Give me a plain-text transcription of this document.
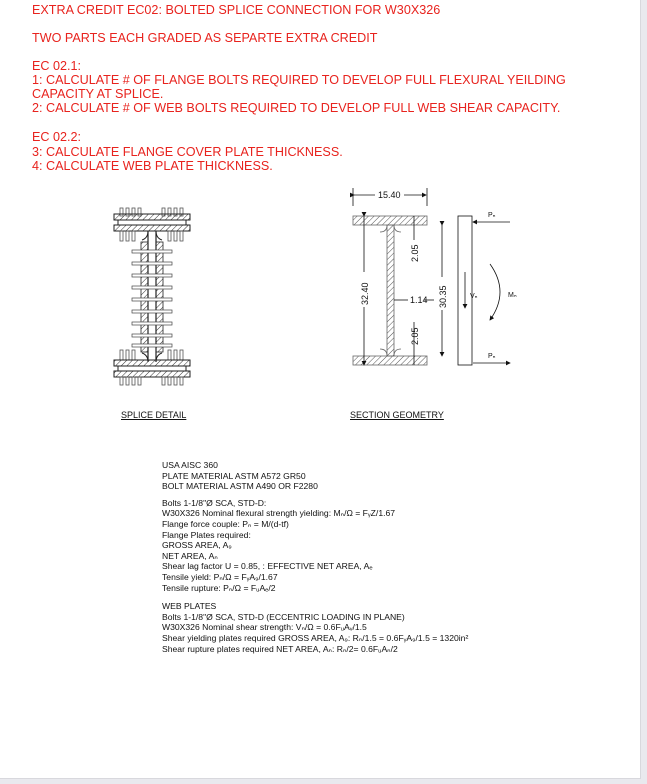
EXTRA CREDIT EC02: BOLTED SPLICE CONNECTION FOR W30X326
TWO PARTS EACH GRADED AS SEPARTE EXTRA CREDIT
EC 02.1:
1: CALCULATE # OF FLANGE BOLTS REQUIRED TO DEVELOP FULL FLEXURAL YEILDING
CAPACITY AT SPLICE.
2: CALCULATE # OF WEB BOLTS REQUIRED TO DEVELOP FULL WEB SHEAR CAPACITY.
EC 02.2:
3: CALCULATE FLANGE COVER PLATE THICKNESS.
4: CALCULATE WEB PLATE THICKNESS.
15.40
32.40
2.05
2.05
1.14 30.35
Pₙ
Pₙ
Vₙ	Mₙ
SPLICE DETAIL	SECTION GEOMETRY
USA AISC 360
PLATE MATERIAL ASTM A572 GR50
BOLT MATERIAL ASTM A490 OR F2280
Bolts 1-1/8"Ø SCA, STD-D:
W30X326 Nominal flexural strength yielding: Mₙ/Ω = FᵧZ/1.67
Flange force couple: Pₙ = M/(d-tf)
Flange Plates required:
GROSS AREA, A₉
NET AREA, Aₙ
Shear lag factor U = 0.85, : EFFECTIVE NET AREA, Aₑ
Tensile yield: Pₙ/Ω = FᵧA₉/1.67
Tensile rupture: Pₙ/Ω = FᵤAₑ/2
WEB PLATES
Bolts 1-1/8"Ø SCA, STD-D (ECCENTRIC LOADING IN PLANE)
W30X326 Nominal shear strength: Vₙ/Ω = 0.6FᵤAᵥ/1.5
Shear yielding plates required GROSS AREA, A₉: Rₙ/1.5 = 0.6FᵧA₉/1.5 = 1320in²
Shear rupture plates required NET AREA, Aₙ: Rₙ/2= 0.6FᵤAₙ/2
